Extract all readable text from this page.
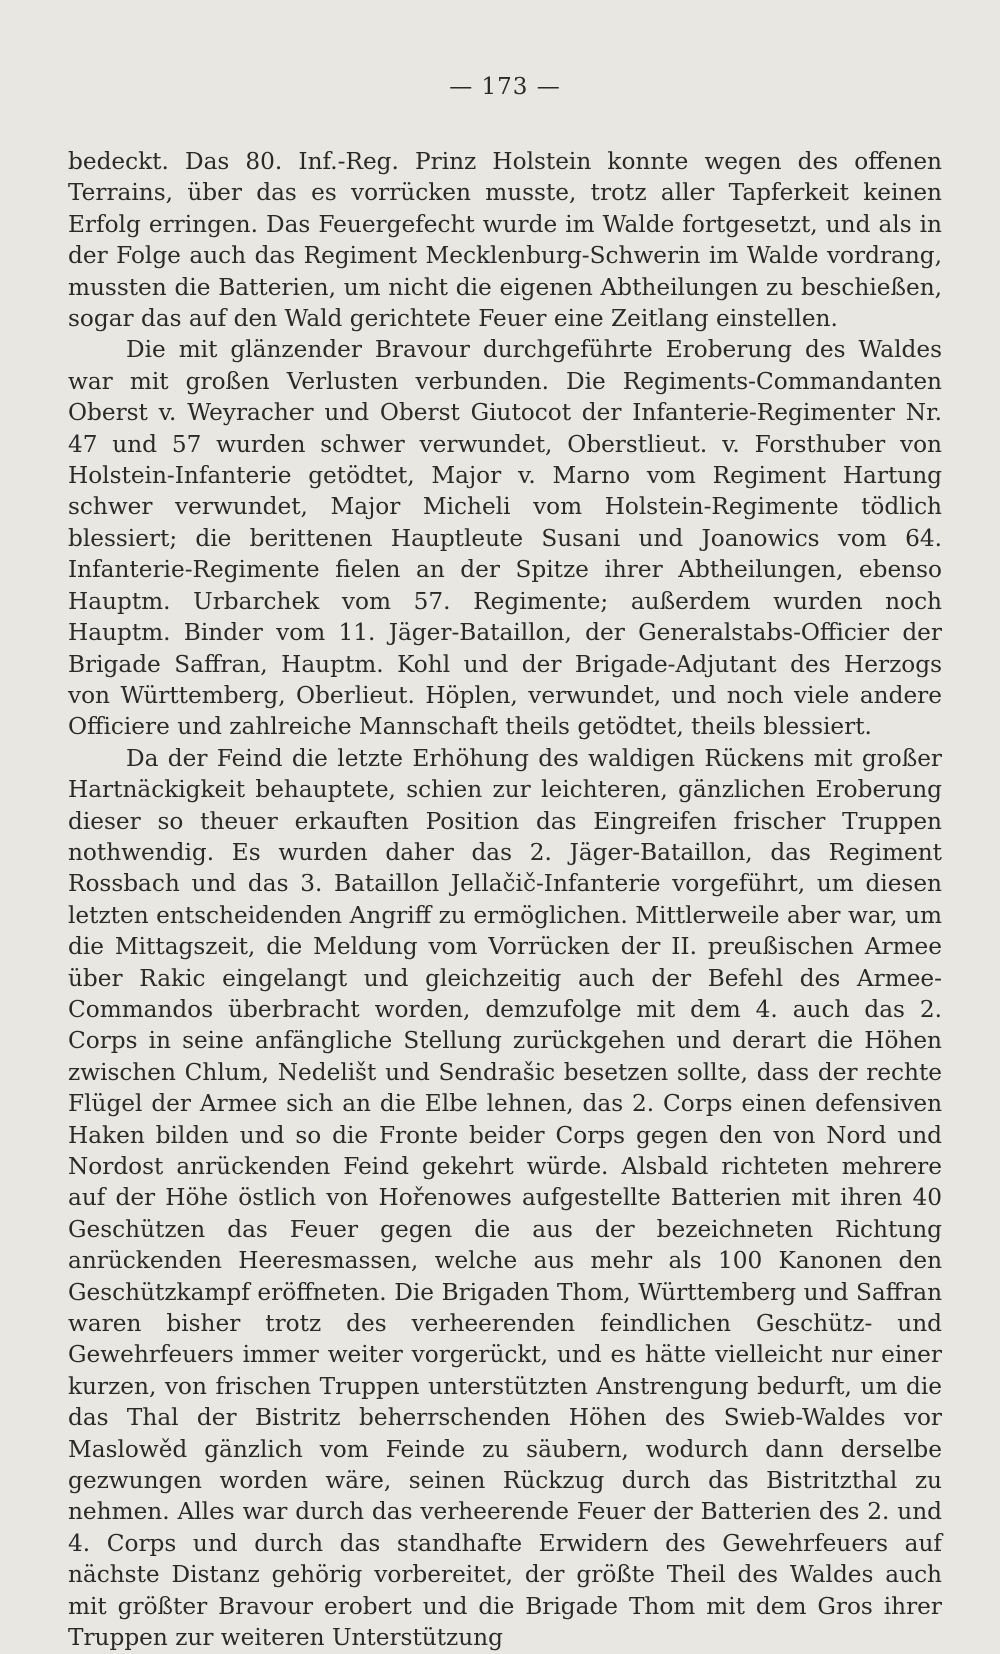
— 173 —

bedeckt. Das 80. Inf.-Reg. Prinz Holstein konnte wegen des offenen Terrains, über das es vorrücken musste, trotz aller Tapferkeit keinen Erfolg erringen. Das Feuergefecht wurde im Walde fortgesetzt, und als in der Folge auch das Regiment Mecklenburg-Schwerin im Walde vordrang, mussten die Batterien, um nicht die eigenen Abtheilungen zu beschießen, sogar das auf den Wald gerichtete Feuer eine Zeitlang einstellen.

Die mit glänzender Bravour durchgeführte Eroberung des Waldes war mit großen Verlusten verbunden. Die Regiments-Commandanten Oberst v. Weyracher und Oberst Giutocot der Infanterie-Regimenter Nr. 47 und 57 wurden schwer verwundet, Oberstlieut. v. Forsthuber von Holstein-Infanterie getödtet, Major v. Marno vom Regiment Hartung schwer verwundet, Major Micheli vom Holstein-Regimente tödlich blessiert; die berittenen Hauptleute Susani und Joanowics vom 64. Infanterie-Regimente fielen an der Spitze ihrer Abtheilungen, ebenso Hauptm. Urbarchek vom 57. Regimente; außerdem wurden noch Hauptm. Binder vom 11. Jäger-Bataillon, der Generalstabs-Officier der Brigade Saffran, Hauptm. Kohl und der Brigade-Adjutant des Herzogs von Württemberg, Oberlieut. Höplen, verwundet, und noch viele andere Officiere und zahlreiche Mannschaft theils getödtet, theils blessiert.

Da der Feind die letzte Erhöhung des waldigen Rückens mit großer Hartnäckigkeit behauptete, schien zur leichteren, gänzlichen Eroberung dieser so theuer erkauften Position das Eingreifen frischer Truppen nothwendig. Es wurden daher das 2. Jäger-Bataillon, das Regiment Rossbach und das 3. Bataillon Jellačič-Infanterie vorgeführt, um diesen letzten entscheidenden Angriff zu ermöglichen. Mittlerweile aber war, um die Mittagszeit, die Meldung vom Vorrücken der II. preußischen Armee über Rakic eingelangt und gleichzeitig auch der Befehl des Armee-Commandos überbracht worden, demzufolge mit dem 4. auch das 2. Corps in seine anfängliche Stellung zurückgehen und derart die Höhen zwischen Chlum, Nedelišt und Sendrašic besetzen sollte, dass der rechte Flügel der Armee sich an die Elbe lehnen, das 2. Corps einen defensiven Haken bilden und so die Fronte beider Corps gegen den von Nord und Nordost anrückenden Feind gekehrt würde. Alsbald richteten mehrere auf der Höhe östlich von Hořenowes aufgestellte Batterien mit ihren 40 Geschützen das Feuer gegen die aus der bezeichneten Richtung anrückenden Heeresmassen, welche aus mehr als 100 Kanonen den Geschützkampf eröffneten. Die Brigaden Thom, Württemberg und Saffran waren bisher trotz des verheerenden feindlichen Geschütz- und Gewehrfeuers immer weiter vorgerückt, und es hätte vielleicht nur einer kurzen, von frischen Truppen unterstützten Anstrengung bedurft, um die das Thal der Bistritz beherrschenden Höhen des Swieb-Waldes vor Maslowěd gänzlich vom Feinde zu säubern, wodurch dann derselbe gezwungen worden wäre, seinen Rückzug durch das Bistritzthal zu nehmen. Alles war durch das verheerende Feuer der Batterien des 2. und 4. Corps und durch das standhafte Erwidern des Gewehrfeuers auf nächste Distanz gehörig vorbereitet, der größte Theil des Waldes auch mit größter Bravour erobert und die Brigade Thom mit dem Gros ihrer Truppen zur weiteren Unterstützung
